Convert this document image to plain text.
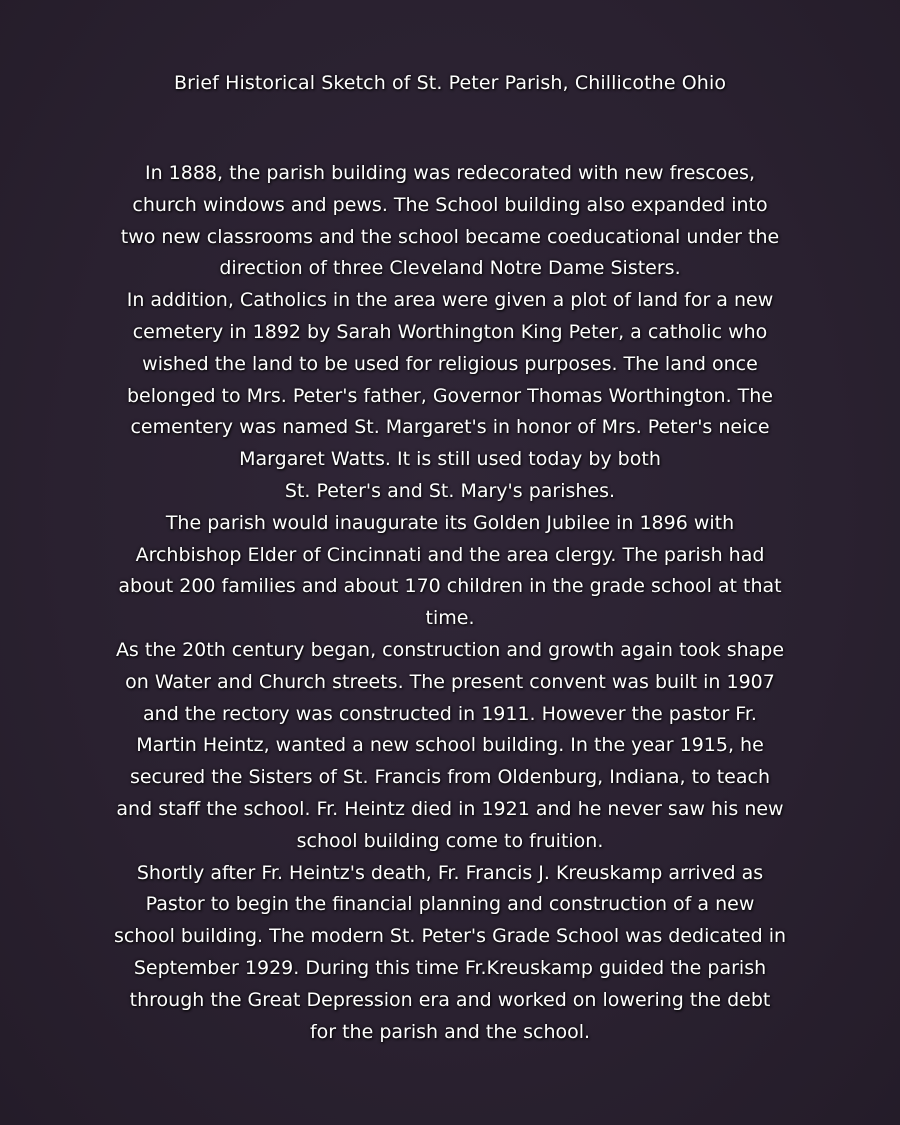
Brief Historical Sketch of St. Peter Parish, Chillicothe Ohio
In 1888, the parish building was redecorated with new frescoes,
church windows and pews. The School building also expanded into
two new classrooms and the school became coeducational under the
direction of three Cleveland Notre Dame Sisters.
In addition, Catholics in the area were given a plot of land for a new
cemetery in 1892 by Sarah Worthington King Peter, a catholic who
wished the land to be used for religious purposes. The land once
belonged to Mrs. Peter's father, Governor Thomas Worthington. The
cementery was named St. Margaret's in honor of Mrs. Peter's neice
Margaret Watts. It is still used today by both
St. Peter's and St. Mary's parishes.
The parish would inaugurate its Golden Jubilee in 1896 with
Archbishop Elder of Cincinnati and the area clergy. The parish had
about 200 families and about 170 children in the grade school at that
time.
As the 20th century began, construction and growth again took shape
on Water and Church streets. The present convent was built in 1907
and the rectory was constructed in 1911. However the pastor Fr.
Martin Heintz, wanted a new school building. In the year 1915, he
secured the Sisters of St. Francis from Oldenburg, Indiana, to teach
and staff the school. Fr. Heintz died in 1921 and he never saw his new
school building come to fruition.
Shortly after Fr. Heintz's death, Fr. Francis J. Kreuskamp arrived as
Pastor to begin the financial planning and construction of a new
school building. The modern St. Peter's Grade School was dedicated in
September 1929. During this time Fr.Kreuskamp guided the parish
through the Great Depression era and worked on lowering the debt
for the parish and the school.
